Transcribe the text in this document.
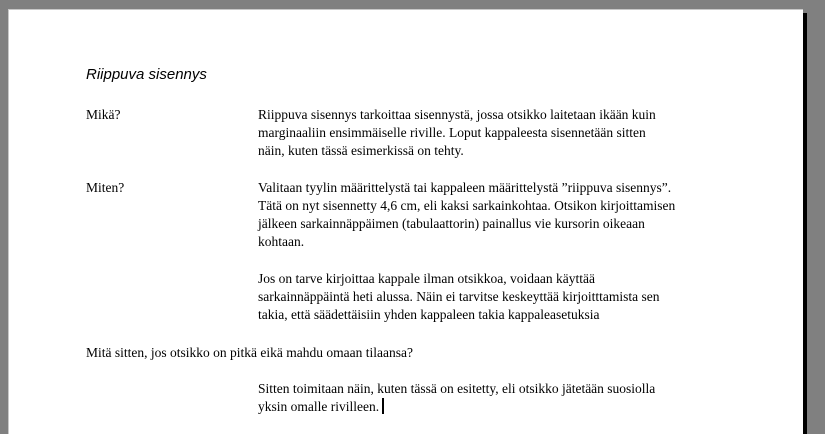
Riippuva sisennys
Mikä?	Riippuva sisennys tarkoittaa sisennystä, jossa otsikko laitetaan ikään kuin
marginaaliin ensimmäiselle riville. Loput kappaleesta sisennetään sitten
näin, kuten tässä esimerkissä on tehty.
Miten?	Valitaan tyylin määrittelystä tai kappaleen määrittelystä ”riippuva sisennys”.
Tätä on nyt sisennetty 4,6 cm, eli kaksi sarkainkohtaa. Otsikon kirjoittamisen
jälkeen sarkainnäppäimen (tabulaattorin) painallus vie kursorin oikeaan
kohtaan.
Jos on tarve kirjoittaa kappale ilman otsikkoa, voidaan käyttää
sarkainnäppäintä heti alussa. Näin ei tarvitse keskeyttää kirjoitttamista sen
takia, että säädettäisiin yhden kappaleen takia kappaleasetuksia
Mitä sitten, jos otsikko on pitkä eikä mahdu omaan tilaansa?
Sitten toimitaan näin, kuten tässä on esitetty, eli otsikko jätetään suosiolla
yksin omalle rivilleen.
